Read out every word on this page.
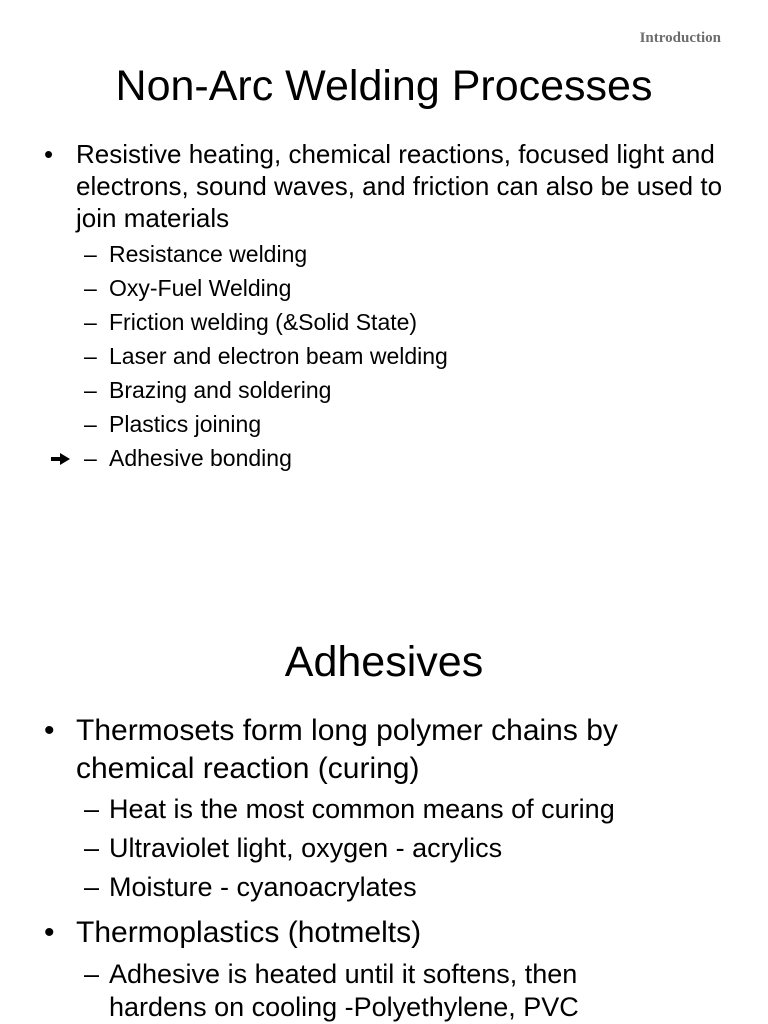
Introduction
Non-Arc Welding Processes
• Resistive heating, chemical reactions, focused light and electrons, sound waves, and friction can also be used to join materials
– Resistance welding
– Oxy-Fuel Welding
– Friction welding (&Solid State)
– Laser and electron beam welding
– Brazing and soldering
– Plastics joining
– Adhesive bonding
Adhesives
• Thermosets form long polymer chains by chemical reaction (curing)
– Heat is the most common means of curing
– Ultraviolet light, oxygen - acrylics
– Moisture - cyanoacrylates
• Thermoplastics (hotmelts)
– Adhesive is heated until it softens, then hardens on cooling -Polyethylene, PVC
